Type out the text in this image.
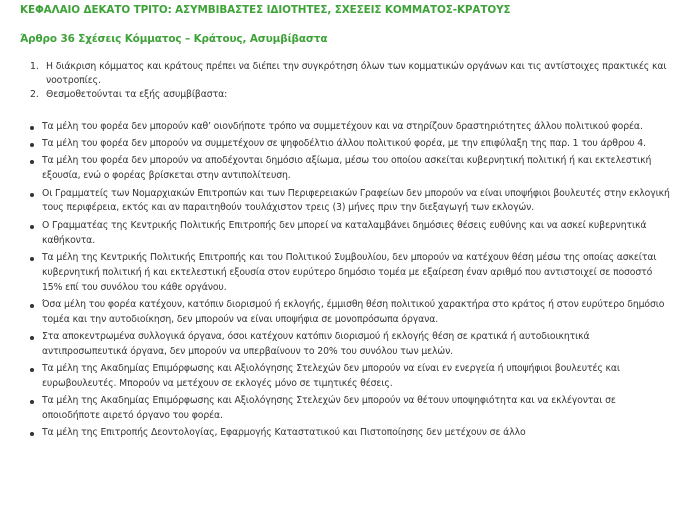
ΚΕΦΑΛΑΙΟ ΔΕΚΑΤΟ ΤΡΙΤΟ: ΑΣΥΜΒΙΒΑΣΤΕΣ ΙΔΙΟΤΗΤΕΣ, ΣΧΕΣΕΙΣ ΚΟΜΜΑΤΟΣ-ΚΡΑΤΟΥΣ
Άρθρο 36 Σχέσεις Κόμματος – Κράτους, Ασυμβίβαστα
1. Η διάκριση κόμματος και κράτους πρέπει να διέπει την συγκρότηση όλων των κομματικών οργάνων και τις αντίστοιχες πρακτικές και νοοτροπίες.
2. Θεσμοθετούνται τα εξής ασυμβίβαστα:
Τα μέλη του φορέα δεν μπορούν καθ’ οιονδήποτε τρόπο να συμμετέχουν και να στηρίζουν δραστηριότητες άλλου πολιτικού φορέα.
Τα μέλη του φορέα δεν μπορούν να συμμετέχουν σε ψηφοδέλτιο άλλου πολιτικού φορέα, με την επιφύλαξη της παρ. 1 του άρθρου 4.
Τα μέλη του φορέα δεν μπορούν να αποδέχονται δημόσιο αξίωμα, μέσω του οποίου ασκείται κυβερνητική πολιτική ή και εκτελεστική εξουσία, ενώ ο φορέας βρίσκεται στην αντιπολίτευση.
Οι Γραμματείς των Νομαρχιακών Επιτροπών και των Περιφερειακών Γραφείων δεν μπορούν να είναι υποψήφιοι βουλευτές στην εκλογική τους περιφέρεια, εκτός και αν παραιτηθούν τουλάχιστον τρεις (3) μήνες πριν την διεξαγωγή των εκλογών.
Ο Γραμματέας της Κεντρικής Πολιτικής Επιτροπής δεν μπορεί να καταλαμβάνει δημόσιες θέσεις ευθύνης και να ασκεί κυβερνητικά καθήκοντα.
Τα μέλη της Κεντρικής Πολιτικής Επιτροπής και του Πολιτικού Συμβουλίου, δεν μπορούν να κατέχουν θέση μέσω της οποίας ασκείται κυβερνητική πολιτική ή και εκτελεστική εξουσία στον ευρύτερο δημόσιο τομέα με εξαίρεση έναν αριθμό που αντιστοιχεί σε ποσοστό 15% επί του συνόλου του κάθε οργάνου.
Όσα μέλη του φορέα κατέχουν, κατόπιν διορισμού ή εκλογής, έμμισθη θέση πολιτικού χαρακτήρα στο κράτος ή στον ευρύτερο δημόσιο τομέα και την αυτοδιοίκηση, δεν μπορούν να είναι υποψήφια σε μονοπρόσωπα όργανα.
Στα αποκεντρωμένα συλλογικά όργανα, όσοι κατέχουν κατόπιν διορισμού ή εκλογής θέση σε κρατικά ή αυτοδιοικητικά αντιπροσωπευτικά όργανα, δεν μπορούν να υπερβαίνουν το 20% του συνόλου των μελών.
Τα μέλη της Ακαδημίας Επιμόρφωσης και Αξιολόγησης Στελεχών δεν μπορούν να είναι εν ενεργεία ή υποψήφιοι βουλευτές και ευρωβουλευτές. Μπορούν να μετέχουν σε εκλογές μόνο σε τιμητικές θέσεις.
Τα μέλη της Ακαδημίας Επιμόρφωσης και Αξιολόγησης Στελεχών δεν μπορούν να θέτουν υποψηφιότητα και να εκλέγονται σε οποιοδήποτε αιρετό όργανο του φορέα.
Τα μέλη της Επιτροπής Δεοντολογίας, Εφαρμογής Καταστατικού και Πιστοποίησης δεν μετέχουν σε άλλο
